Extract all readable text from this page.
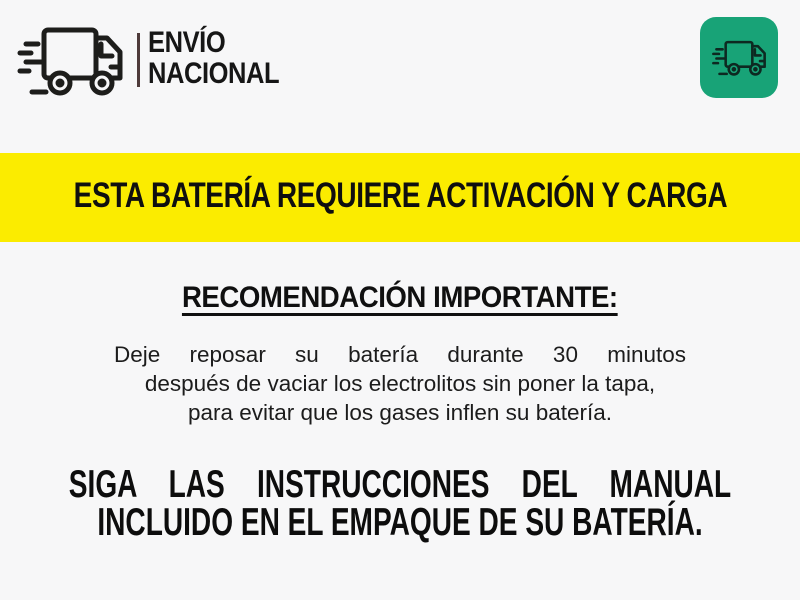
ENVÍO
NACIONAL
ESTA BATERÍA REQUIERE ACTIVACIÓN Y CARGA
RECOMENDACIÓN IMPORTANTE:
Deje reposar su batería durante 30 minutos
después de vaciar los electrolitos sin poner la tapa,
para evitar que los gases inflen su batería.
SIGA LAS INSTRUCCIONES DEL MANUAL
INCLUIDO EN EL EMPAQUE DE SU BATERÍA.
